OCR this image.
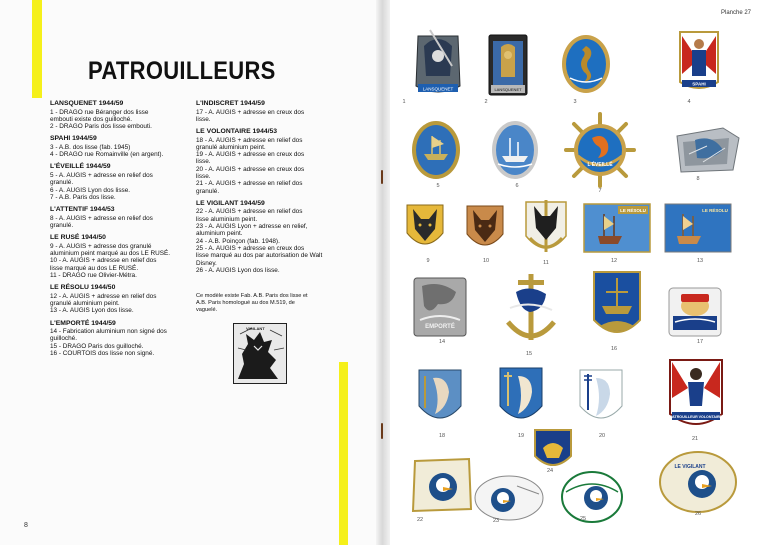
PATROUILLEURS
LANSQUENET 1944/59
1 - DRAGO rue Béranger dos lisse
embouti existe dos guilloché.
2 - DRAGO Paris dos lisse embouti.
SPAHI 1944/59
3 - A.B. dos lisse (fab. 1945)
4 - DRAGO rue Romainville (en argent).
L'ÉVEILLÉ 1944/59
5 - A. AUGIS + adresse en relief dos
granulé.
6 - A. AUGIS Lyon dos lisse.
7 - A.B. Paris dos lisse.
L'ATTENTIF 1944/53
8 - A. AUGIS + adresse en relief dos
granulé.
LE RUSÉ 1944/50
9 - A. AUGIS + adresse dos granulé
aluminium peint marqué au dos LE RUSÉ.
10 - A. AUGIS + adresse en relief dos
lisse marqué au dos LE RUSÉ.
11 - DRAGO rue Olivier-Métra.
LE RÉSOLU 1944/50
12 - A. AUGIS + adresse en relief dos
granulé aluminium peint.
13 - A. AUGIS Lyon dos lisse.
L'EMPORTÉ 1944/59
14 - Fabrication aluminium non signé dos
guilloché.
15 - DRAGO Paris dos guilloché.
16 - COURTOIS dos lisse non signé.
L'INDISCRET 1944/59
17 - A. AUGIS + adresse en creux dos
lisse.
LE VOLONTAIRE 1944/53
18 - A. AUGIS + adresse en relief dos
granulé aluminium peint.
19 - A. AUGIS + adresse en creux dos
lisse.
20 - A. AUGIS + adresse en creux dos
lisse.
21 - A. AUGIS + adresse en relief dos
granulé.
LE VIGILANT 1944/59
22 - A. AUGIS + adresse en relief dos
lisse aluminium peint.
23 - A. AUGIS Lyon + adresse en relief,
aluminium peint.
24 - A.B. Poinçon (fab. 1948).
25 - A. AUGIS + adresse en creux dos
lisse marqué au dos par autorisation de Walt
Disney.
26 - A. AUGIS Lyon dos lisse.
Ce modèle existe Fab. A.B. Paris dos lisse et
A.B. Paris homologué au dos M.519, de
vaguelé.
VIGILANT
8
Planche 27
LANSQUENET	LANSQUENET
SPAHI
1	2	3	4
L'ÉVEILLÉ
5	6
7
8
LE RÉSOLU	LE RÉSOLU
9	10	11	12	13
EMPORTÉ
14
15
16
17
PATROUILLEUR VOLONTAIRE
18	19	20	21
LE VIGILANT
22	23
24
25
26
